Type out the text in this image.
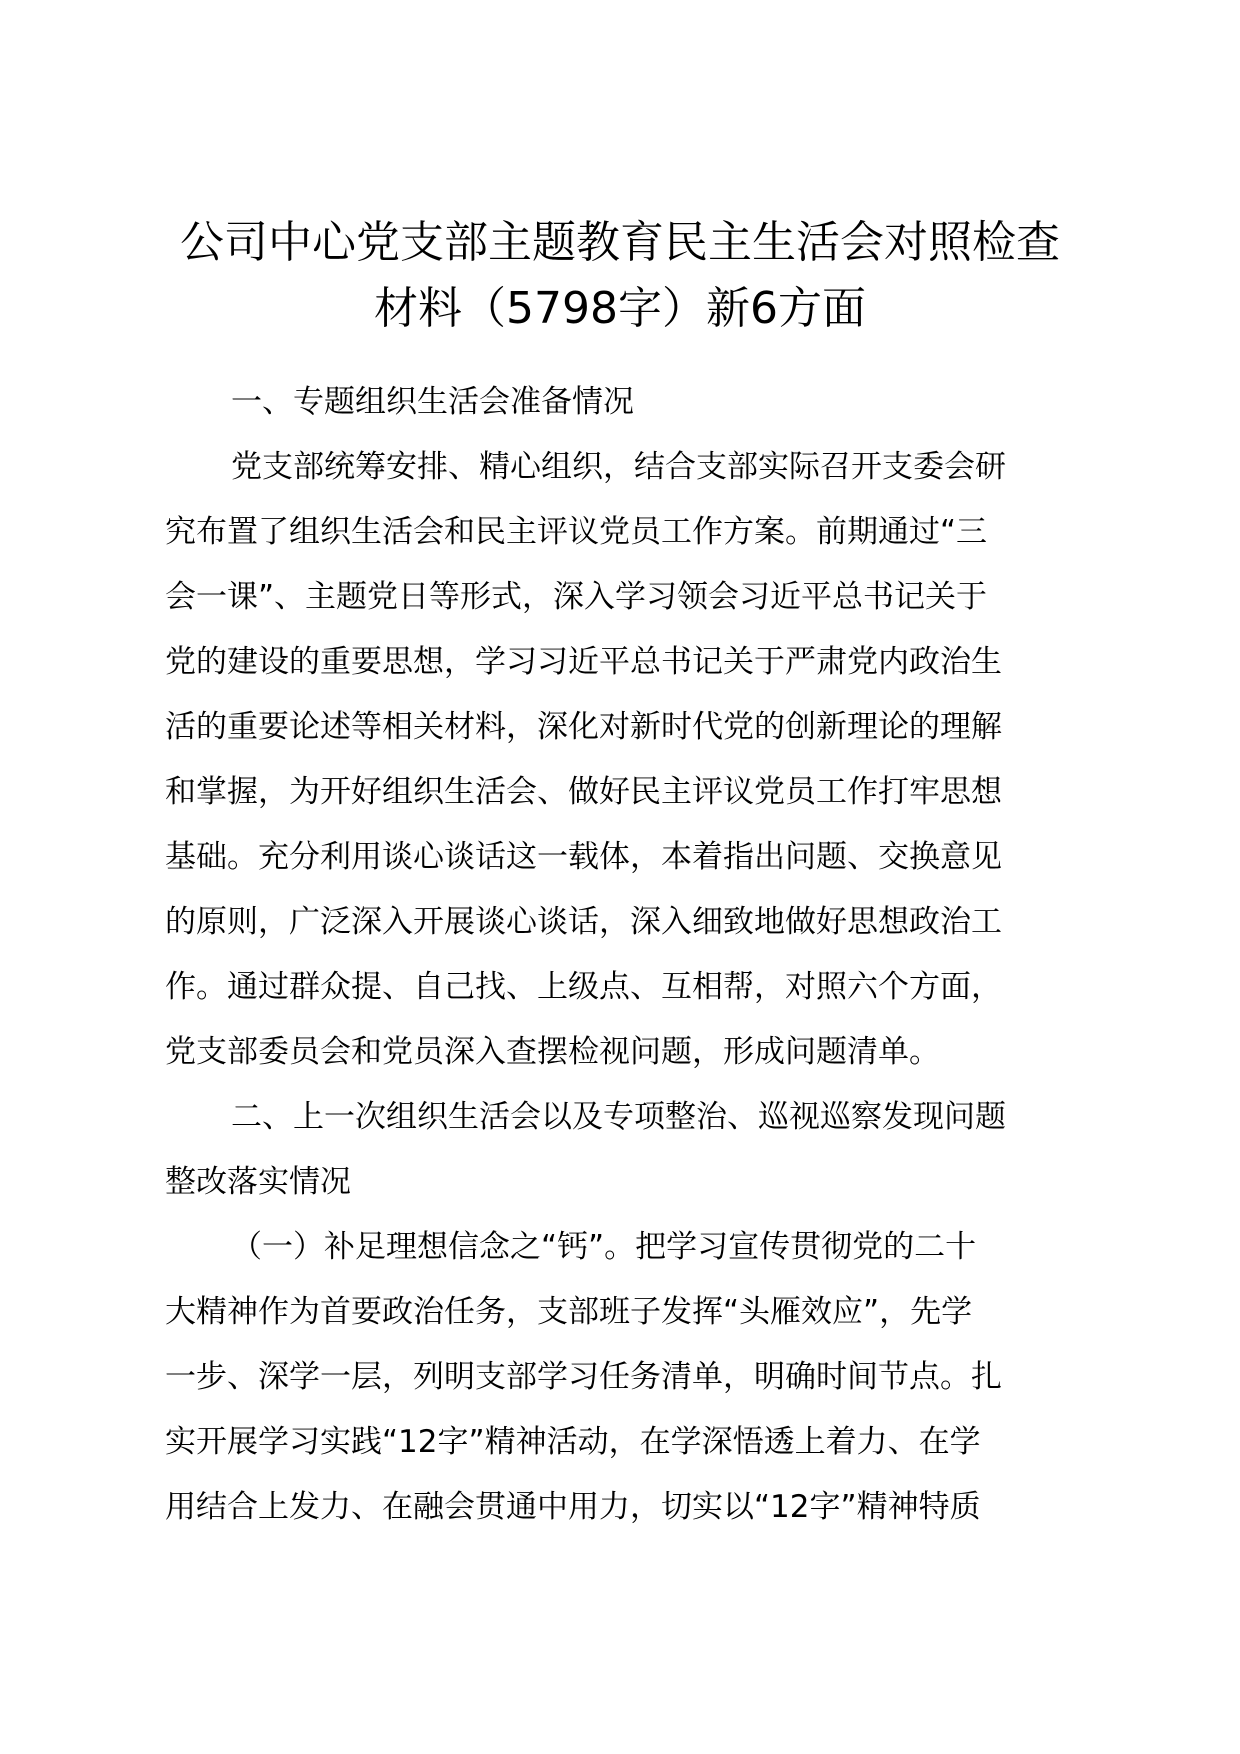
公司中心党支部主题教育民主生活会对照检查
材料（5798字）新6方面
一、专题组织生活会准备情况
党支部统筹安排、精心组织，结合支部实际召开支委会研
究布置了组织生活会和民主评议党员工作方案。前期通过“三
会一课”、主题党日等形式，深入学习领会习近平总书记关于
党的建设的重要思想，学习习近平总书记关于严肃党内政治生
活的重要论述等相关材料，深化对新时代党的创新理论的理解
和掌握，为开好组织生活会、做好民主评议党员工作打牢思想
基础。充分利用谈心谈话这一载体，本着指出问题、交换意见
的原则，广泛深入开展谈心谈话，深入细致地做好思想政治工
作。通过群众提、自己找、上级点、互相帮，对照六个方面，
党支部委员会和党员深入查摆检视问题，形成问题清单。
二、上一次组织生活会以及专项整治、巡视巡察发现问题
整改落实情况
（一）补足理想信念之“钙”。把学习宣传贯彻党的二十
大精神作为首要政治任务，支部班子发挥“头雁效应”，先学
一步、深学一层，列明支部学习任务清单，明确时间节点。扎
实开展学习实践“12字”精神活动，在学深悟透上着力、在学
用结合上发力、在融会贯通中用力，切实以“12字”精神特质
